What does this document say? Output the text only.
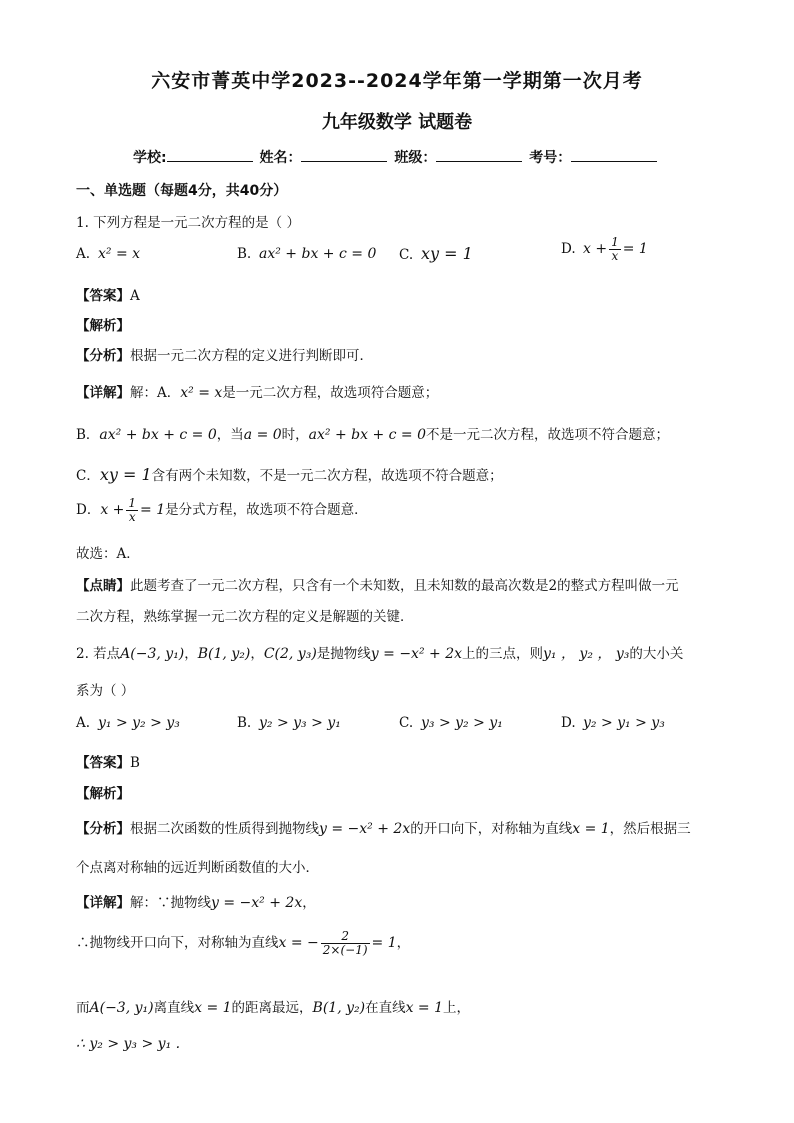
六安市菁英中学2023--2024学年第一学期第一次月考
九年级数学 试题卷
学校:	姓名：	班级：	考号：
一、单选题（每题4分，共40分）
1. 下列方程是一元二次方程的是（ ）
A. x² = x	B. ax² + bx + c = 0 C. xy = 1	D. $x + \frac{1}{x} = 1$
【答案】A
【解析】
【分析】根据一元二次方程的定义进行判断即可．
【详解】解：A．x² = x是一元二次方程，故选项符合题意；
B．ax² + bx + c = 0，当a = 0时，ax² + bx + c = 0不是一元二次方程，故选项不符合题意；
C．xy = 1含有两个未知数，不是一元二次方程，故选项不符合题意；
D．$x + \frac{1}{x} = 1$是分式方程，故选项不符合题意．
故选：A．
【点睛】此题考查了一元二次方程，只含有一个未知数，且未知数的最高次数是2的整式方程叫做一元
二次方程，熟练掌握一元二次方程的定义是解题的关键．
2. 若点A(−3, y₁)，B(1, y₂)，C(2, y₃)是抛物线y = −x² + 2x上的三点，则y₁ ， y₂ ， y₃的大小关
系为（ ）
A. y₁ > y₂ > y₃	B. y₂ > y₃ > y₁	C. y₃ > y₂ > y₁	D. y₂ > y₁ > y₃
【答案】B
【解析】
【分析】根据二次函数的性质得到抛物线y = −x² + 2x的开口向下，对称轴为直线x = 1，然后根据三
个点离对称轴的远近判断函数值的大小．
【详解】解：∵抛物线y = −x² + 2x，
∴抛物线开口向下，对称轴为直线x = − $\frac{2}{2\times(-1)} = 1$，
而A(−3, y₁)离直线x = 1的距离最远，B(1, y₂)在直线x = 1上，
∴ y₂ > y₃ > y₁ .
